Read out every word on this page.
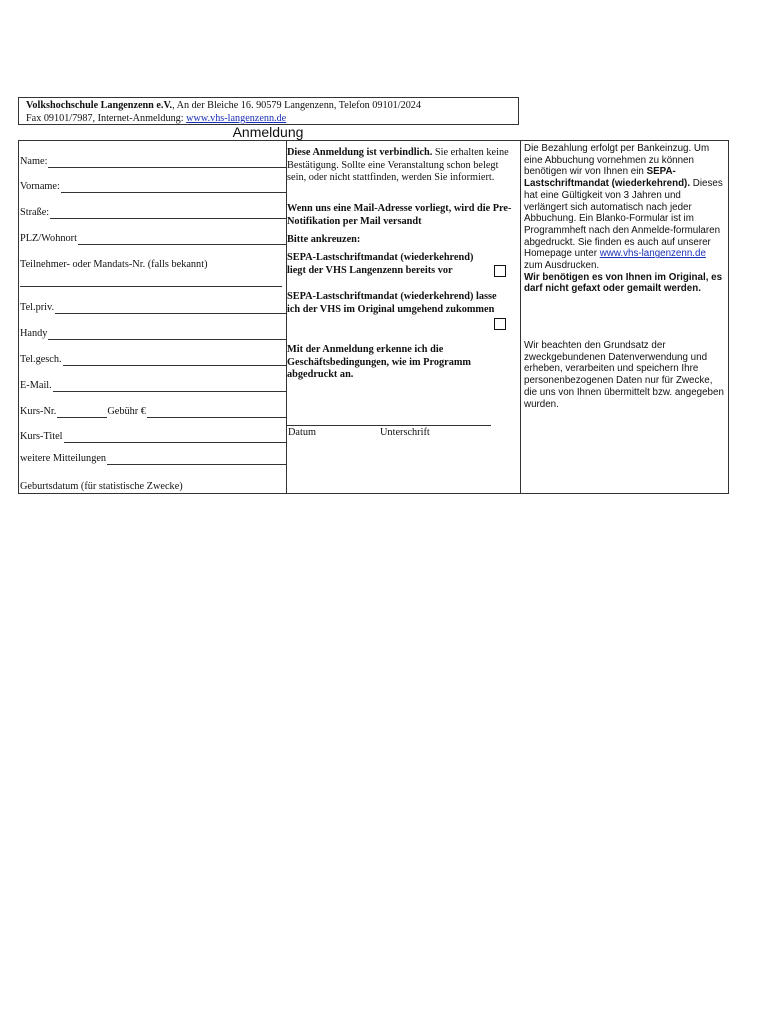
Volkshochschule Langenzenn e.V., An der Bleiche 16. 90579 Langenzenn, Telefon 09101/2024
Fax 09101/7987, Internet-Anmeldung: www.vhs-langenzenn.de
Anmeldung
Name:
Vorname:
Straße:
PLZ/Wohnort
Teilnehmer- oder Mandats-Nr. (falls bekannt)
Tel.priv.
Handy
Tel.gesch.
E-Mail.
Kurs-Nr.	Gebühr €
Kurs-Titel
weitere Mitteilungen
Geburtsdatum (für statistische Zwecke)
Diese Anmeldung ist verbindlich. Sie erhalten keine Bestätigung. Sollte eine Veranstaltung schon belegt sein, oder nicht stattfinden, werden Sie informiert.
Wenn uns eine Mail-Adresse vorliegt, wird die Pre-Notifikation per Mail versandt
Bitte ankreuzen:
SEPA-Lastschriftmandat (wiederkehrend) liegt der VHS Langenzenn bereits vor
SEPA-Lastschriftmandat (wiederkehrend) lasse ich der VHS im Original umgehend zukommen
Mit der Anmeldung erkenne ich die Geschäftsbedingungen, wie im Programm abgedruckt an.
Datum	Unterschrift
Die Bezahlung erfolgt per Bankeinzug. Um eine Abbuchung vornehmen zu können benötigen wir von Ihnen ein SEPA-Lastschriftmandat (wiederkehrend). Dieses hat eine Gültigkeit von 3 Jahren und verlängert sich automatisch nach jeder Abbuchung. Ein Blanko-Formular ist im Programmheft nach den Anmelde-formularen abgedruckt. Sie finden es auch auf unserer Homepage unter www.vhs-langenzenn.de zum Ausdrucken.
Wir benötigen es von Ihnen im Original, es darf nicht gefaxt oder gemailt werden.
Wir beachten den Grundsatz der zweckgebundenen Datenverwendung und erheben, verarbeiten und speichern Ihre personenbezogenen Daten nur für Zwecke, die uns von Ihnen übermittelt bzw. angegeben wurden.
